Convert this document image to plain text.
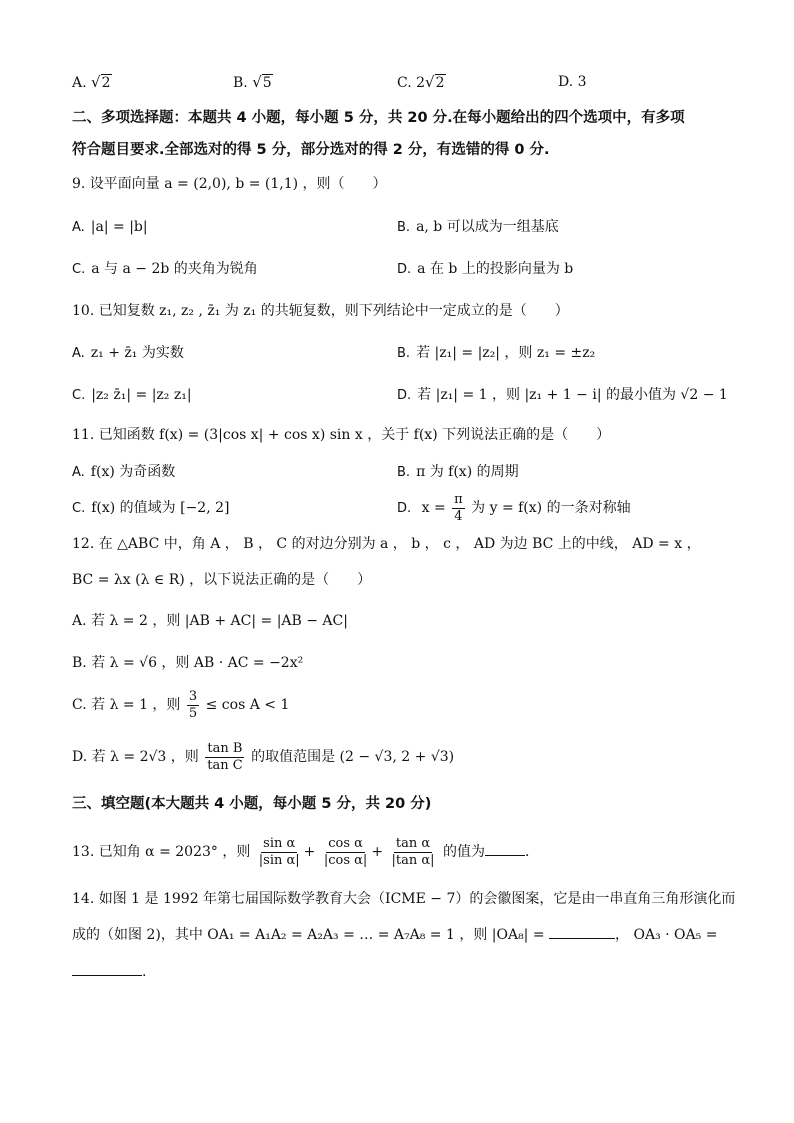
A. √2	B. √5	C. 2√2	D. 3
二、多项选择题：本题共 4 小题，每小题 5 分，共 20 分.在每小题给出的四个选项中，有多项
符合题目要求.全部选对的得 5 分，部分选对的得 2 分，有选错的得 0 分.
9. 设平面向量 a = (2,0), b = (1,1) ，则（　　）
A. |a| = |b|	B. a, b 可以成为一组基底
C. a 与 a − 2b 的夹角为锐角	D. a 在 b 上的投影向量为 b
10. 已知复数 z₁, z₂ , z̄₁ 为 z₁ 的共轭复数，则下列结论中一定成立的是（　　）
A. z₁ + z̄₁ 为实数	B. 若 |z₁| = |z₂| ，则 z₁ = ±z₂
C. |z₂ z̄₁| = |z₂ z₁|	D. 若 |z₁| = 1 ，则 |z₁ + 1 − i| 的最小值为 √2 − 1
11. 已知函数 f(x) = (3|cos x| + cos x) sin x ，关于 f(x) 下列说法正确的是（　　）
A. f(x) 为奇函数	B. π 为 f(x) 的周期
C. f(x) 的值域为 [−2, 2]	D. $x = \frac{\pi}{4}$ 为 y = f(x) 的一条对称轴
12. 在 △ABC 中，角 A ， B ， C 的对边分别为 a ， b ， c ， AD 为边 BC 上的中线， AD = x ，
BC = λx (λ ∈ R) ，以下说法正确的是（　　）
A. 若 λ = 2 ，则 |AB + AC| = |AB − AC|
B. 若 λ = √6 ，则 AB · AC = −2x²
C. 若 λ = 1 ，则 $\frac{3}{5} \le \cos A < 1$
D. 若 λ = 2√3 ，则 $\frac{\text{tan B}}{\text{tan C}}$ 的取值范围是 (2 − √3, 2 + √3)
三、填空题(本大题共 4 小题，每小题 5 分，共 20 分)
13. 已知角 α = 2023° ，则 $\frac{\text{sin α}}{\text{|sin α|}} + \frac{\text{cos α}}{\text{|cos α|}} + \frac{\text{tan α}}{\text{|tan α|}}$ 的值为	.
14. 如图 1 是 1992 年第七届国际数学教育大会（ICME − 7）的会徽图案，它是由一串直角三角形演化而
成的（如图 2)，其中 OA₁ = A₁A₂ = A₂A₃ = … = A₇A₈ = 1 ，则 |OA₈| =	， OA₃ · OA₅ =
.
